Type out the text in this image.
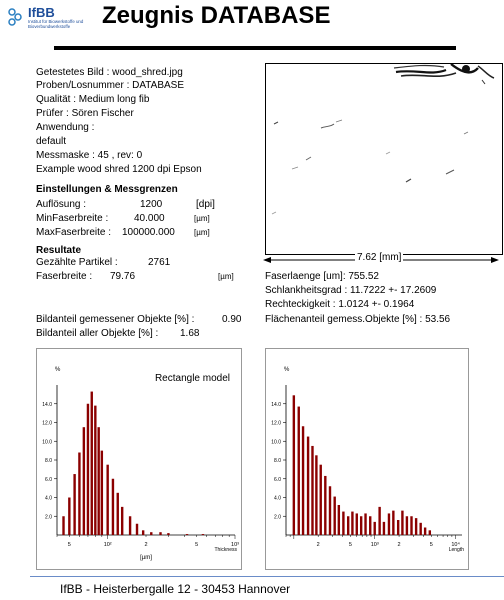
IfBB
Institut für Biowerkstoffe und Bioverbundwerkstoffe	Zeugnis DATABASE
Getestetes Bild : wood_shred.jpg
Proben/Losnummer : DATABASE
Qualität : Medium long fib
Prüfer : Sören Fischer
Anwendung :
default
Messmaske : 45 , rev: 0
Example wood shred 1200 dpi Epson
Einstellungen & Messgrenzen
Auflösung :	1200	[dpi]
MinFaserbreite :	40.000	[µm]
MaxFaserbreite : 100000.000 [µm]
Resultate
Gezählte Partikel :	2761
Faserbreite : 79.76	[µm]
Bildanteil gemessener Objekte [%] :	0.90
Bildanteil aller Objekte [%] : 1.68
7.62 [mm]
Faserlaenge [um]: 755.52
Schlankheitsgrad : 11.7222 +- 17.2609
Rechteckigkeit : 1.0124 +- 0.1964
Flächenanteil gemess.Objekte [%] : 53.56
%
2.0
4.0
6.0
8.0
10.0
12.0
14.0
5	10²	2	5	10³
Thickness
[µm]
Rectangle model
%
2.0
4.0
6.0
8.0
10.0
12.0
14.0
2	5	10³	2	5	10⁴
Length
IfBB - Heisterbergalle 12 - 30453 Hannover
